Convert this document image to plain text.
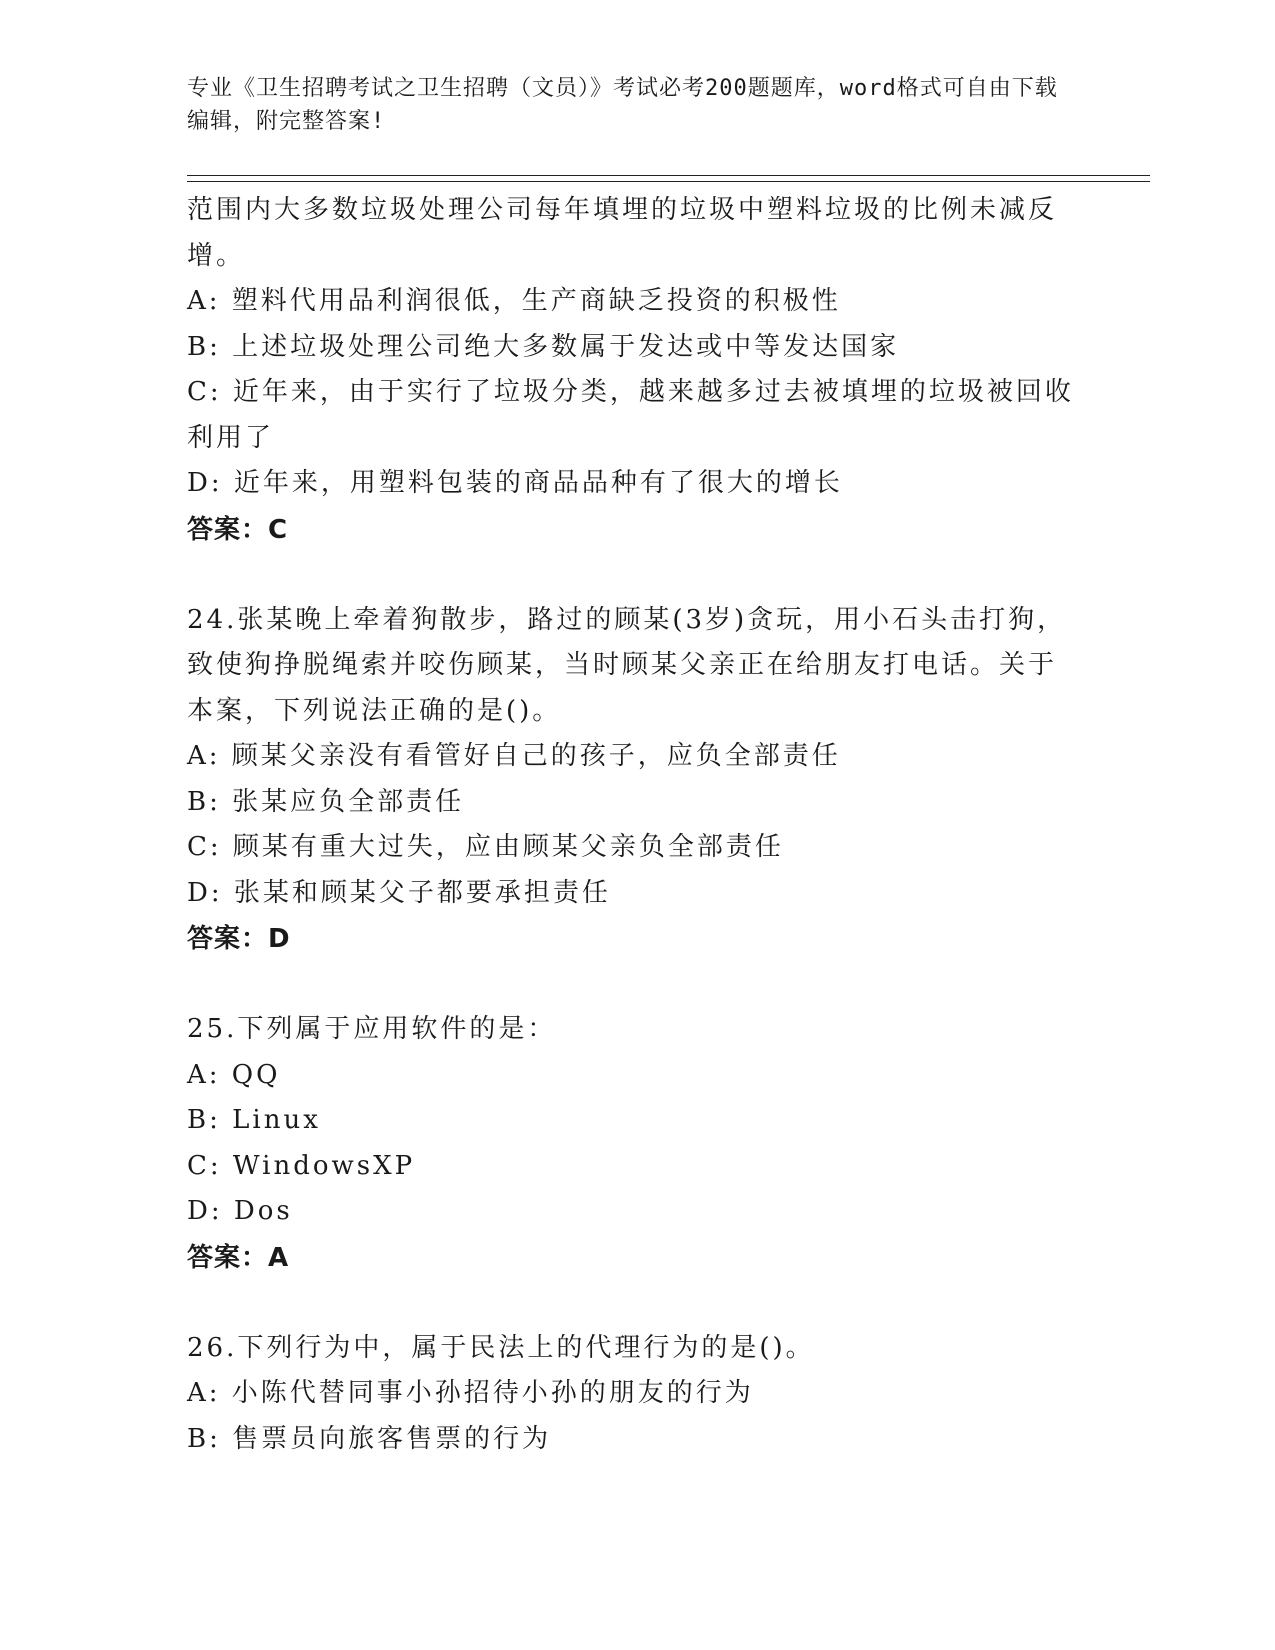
专业《卫生招聘考试之卫生招聘（文员）》考试必考200题题库，word格式可自由下载编辑，附完整答案!
范围内大多数垃圾处理公司每年填埋的垃圾中塑料垃圾的比例未减反
增。
A: 塑料代用品利润很低，生产商缺乏投资的积极性
B: 上述垃圾处理公司绝大多数属于发达或中等发达国家
C: 近年来，由于实行了垃圾分类，越来越多过去被填埋的垃圾被回收
利用了
D: 近年来，用塑料包装的商品品种有了很大的增长
答案：C
24.张某晚上牵着狗散步，路过的顾某(3岁)贪玩，用小石头击打狗，
致使狗挣脱绳索并咬伤顾某，当时顾某父亲正在给朋友打电话。关于
本案，下列说法正确的是()。
A: 顾某父亲没有看管好自己的孩子，应负全部责任
B: 张某应负全部责任
C: 顾某有重大过失，应由顾某父亲负全部责任
D: 张某和顾某父子都要承担责任
答案：D
25.下列属于应用软件的是：
A: QQ
B: Linux
C: WindowsXP
D: Dos
答案：A
26.下列行为中，属于民法上的代理行为的是()。
A: 小陈代替同事小孙招待小孙的朋友的行为
B: 售票员向旅客售票的行为
